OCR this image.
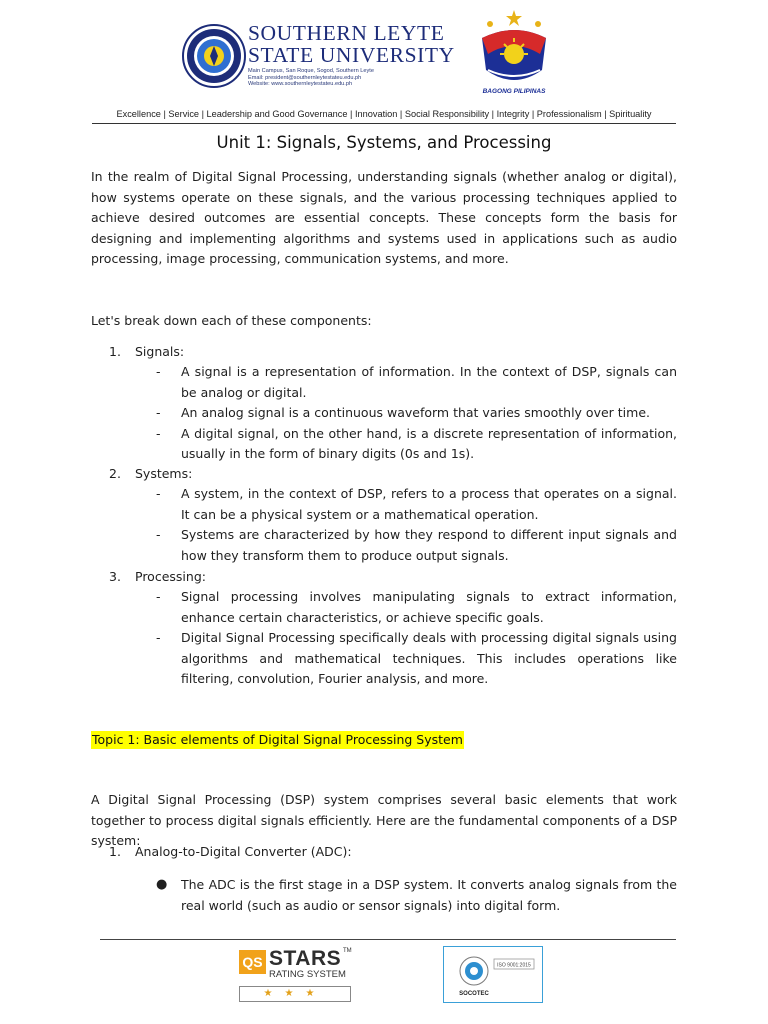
SOUTHERN LEYTE
STATE UNIVERSITY
Main Campus, San Roque, Sogod, Southern Leyte
Email: president@southernleytestateu.edu.ph
Website: www.southernleytestateu.edu.ph
BAGONG PILIPINAS
Excellence | Service | Leadership and Good Governance | Innovation | Social Responsibility | Integrity | Professionalism | Spirituality
Unit 1: Signals, Systems, and Processing
In the realm of Digital Signal Processing, understanding signals (whether analog or digital), how systems operate on these signals, and the various processing techniques applied to achieve desired outcomes are essential concepts. These concepts form the basis for designing and implementing algorithms and systems used in applications such as audio processing, image processing, communication systems, and more.
Let's break down each of these components:
1. Signals:
- A signal is a representation of information. In the context of DSP, signals can be analog or digital.
- An analog signal is a continuous waveform that varies smoothly over time.
- A digital signal, on the other hand, is a discrete representation of information, usually in the form of binary digits (0s and 1s).
2. Systems:
- A system, in the context of DSP, refers to a process that operates on a signal. It can be a physical system or a mathematical operation.
- Systems are characterized by how they respond to different input signals and how they transform them to produce output signals.
3. Processing:
- Signal processing involves manipulating signals to extract information, enhance certain characteristics, or achieve specific goals.
- Digital Signal Processing specifically deals with processing digital signals using algorithms and mathematical techniques. This includes operations like filtering, convolution, Fourier analysis, and more.
Topic 1: Basic elements of Digital Signal Processing System
A Digital Signal Processing (DSP) system comprises several basic elements that work together to process digital signals efficiently. Here are the fundamental components of a DSP system:
1. Analog-to-Digital Converter (ADC):
● The ADC is the first stage in a DSP system. It converts analog signals from the real world (such as audio or sensor signals) into digital form.
QS STARS TM
RATING SYSTEM
★★★
ISO 9001:2015
SOCOTEC
